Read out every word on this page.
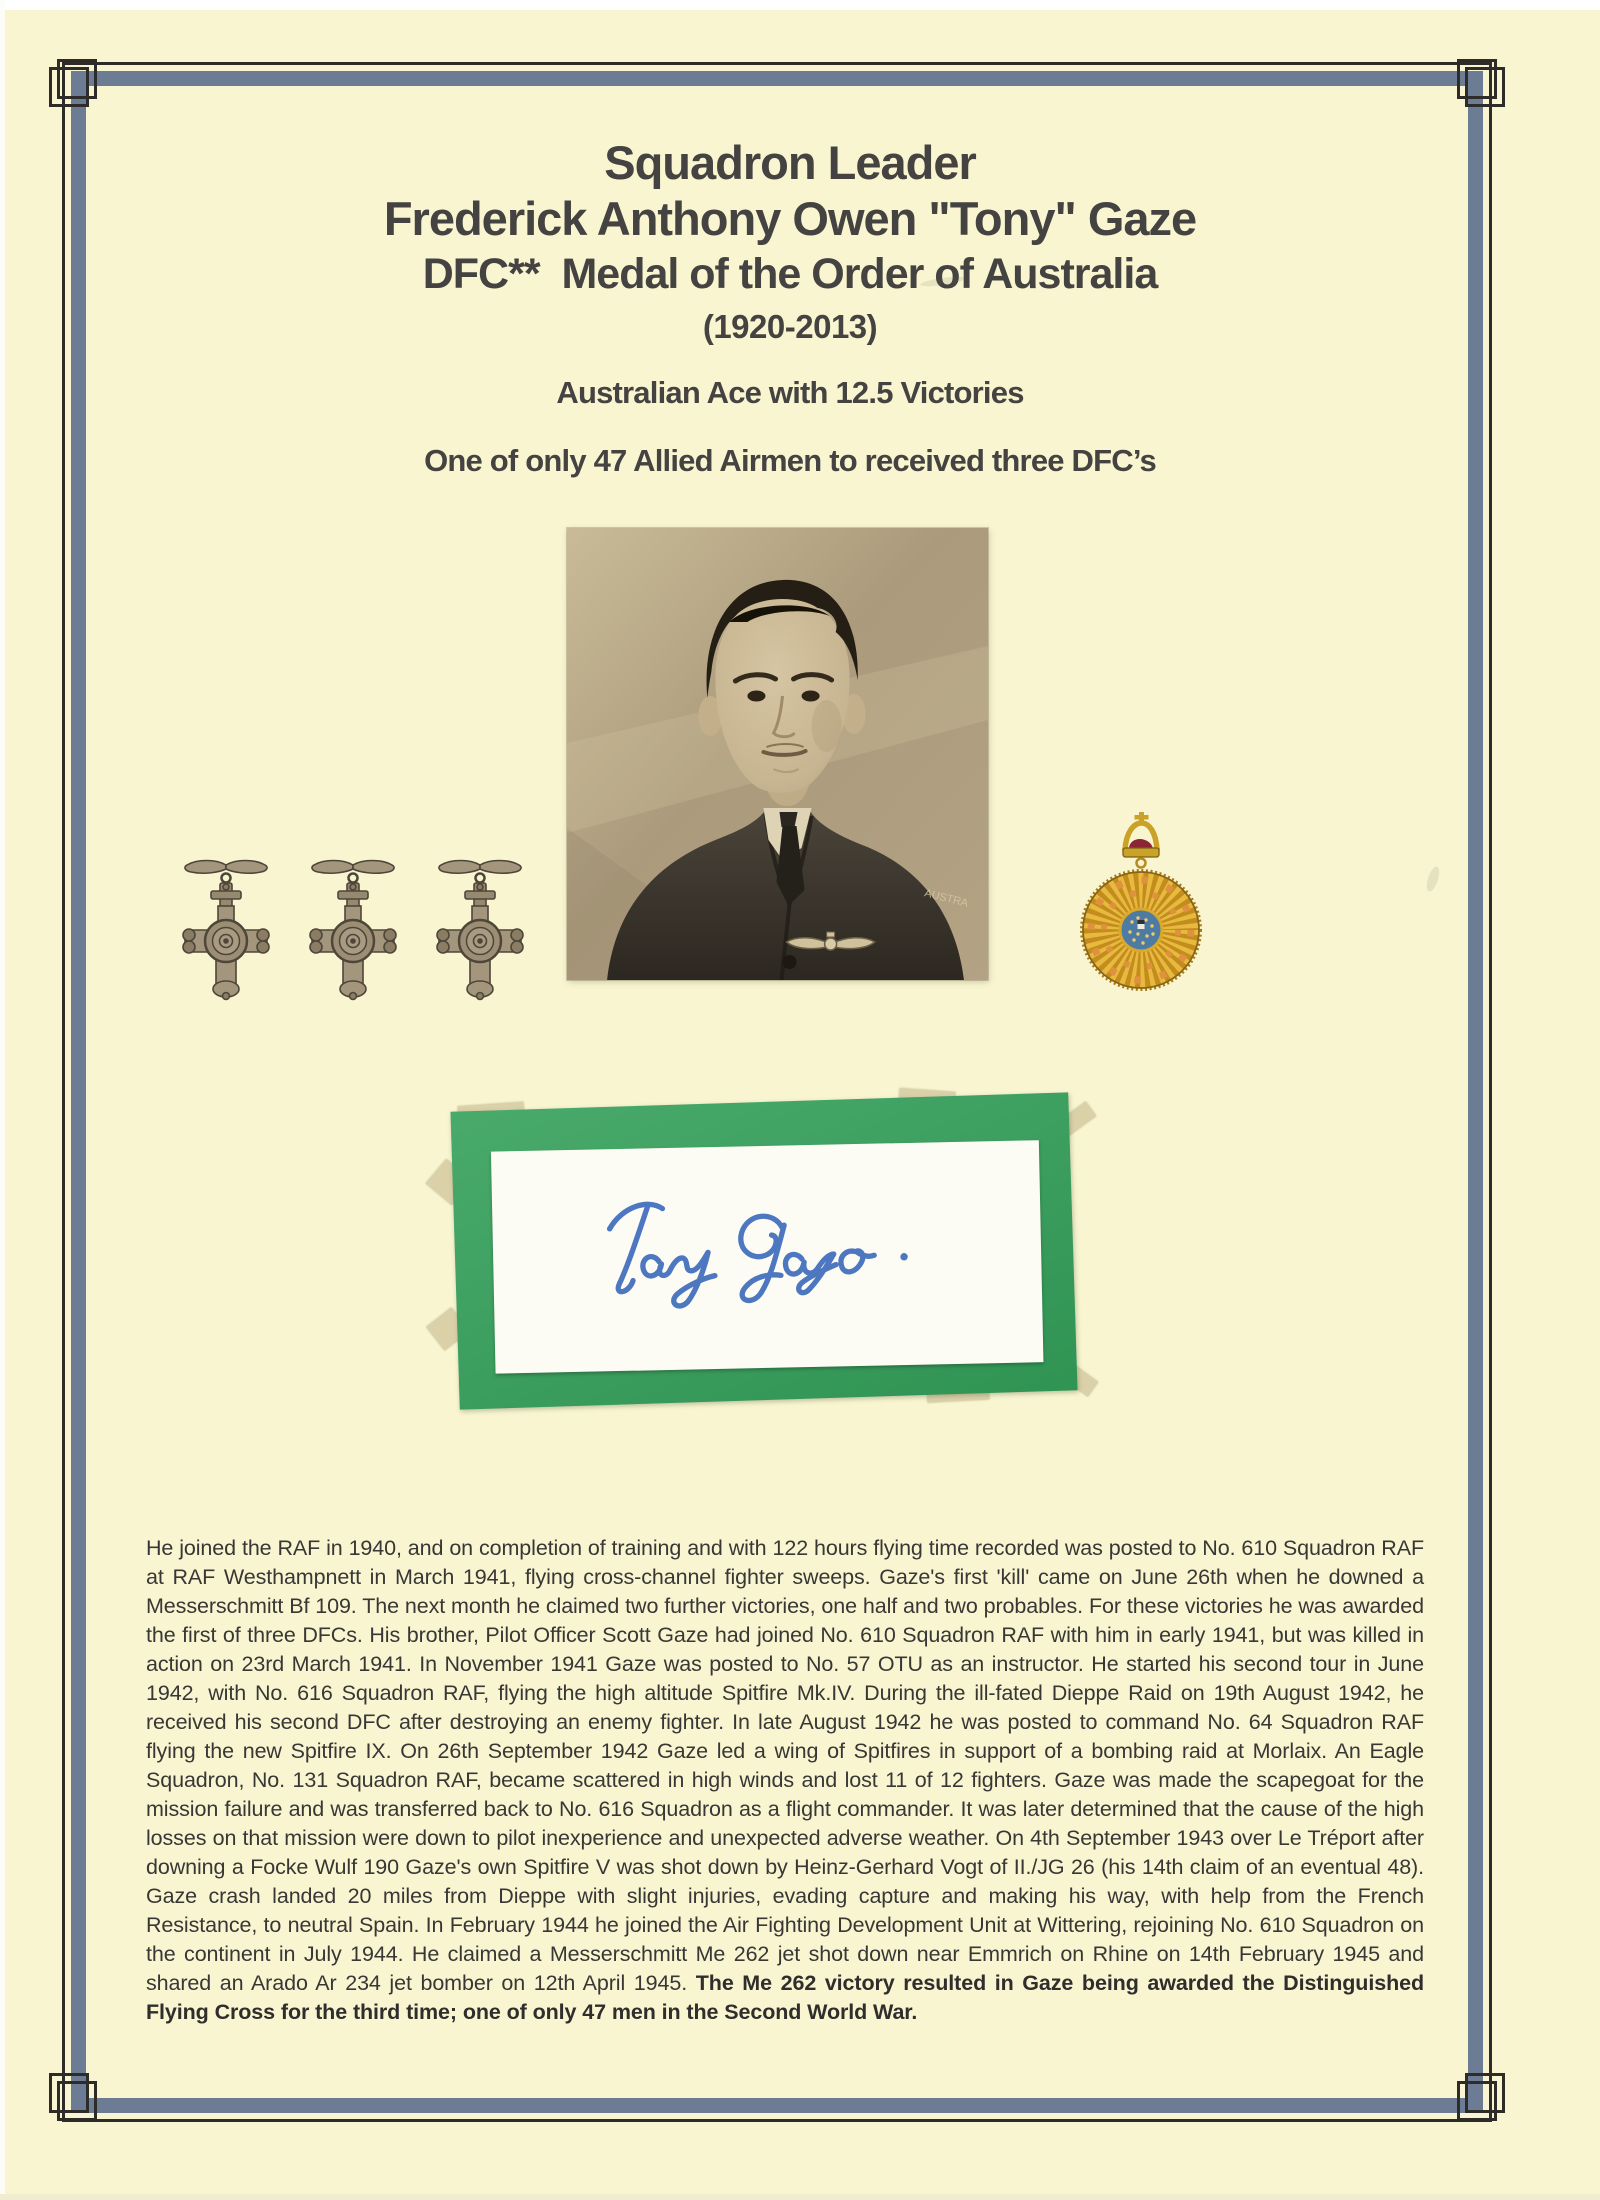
Squadron Leader
Frederick Anthony Owen "Tony" Gaze
DFC**  Medal of the Order of Australia
(1920-2013)
Australian Ace with 12.5 Victories
One of only 47 Allied Airmen to received three DFC’s
AUSTRA

He joined the RAF in 1940, and on completion of training and with 122 hours flying time recorded was posted to No. 610 Squadron RAF at RAF Westhampnett in March 1941, flying cross-channel fighter sweeps. Gaze's first 'kill' came on June 26th when he downed a Messerschmitt Bf 109. The next month he claimed two further victories, one half and two probables. For these victories he was awarded the first of three DFCs. His brother, Pilot Officer Scott Gaze had joined No. 610 Squadron RAF with him in early 1941, but was killed in action on 23rd March 1941. In November 1941 Gaze was posted to No. 57 OTU as an instructor. He started his second tour in June 1942, with No. 616 Squadron RAF, flying the high altitude Spitfire Mk.IV. During the ill-fated Dieppe Raid on 19th August 1942, he received his second DFC after destroying an enemy fighter. In late August 1942 he was posted to command No. 64 Squadron RAF flying the new Spitfire IX. On 26th September 1942 Gaze led a wing of Spitfires in support of a bombing raid at Morlaix. An Eagle Squadron, No. 131 Squadron RAF, became scattered in high winds and lost 11 of 12 fighters. Gaze was made the scapegoat for the mission failure and was transferred back to No. 616 Squadron as a flight commander. It was later determined that the cause of the high losses on that mission were down to pilot inexperience and unexpected adverse weather. On 4th September 1943 over Le Tréport after downing a Focke Wulf 190 Gaze's own Spitfire V was shot down by Heinz-Gerhard Vogt of II./JG 26 (his 14th claim of an eventual 48). Gaze crash landed 20 miles from Dieppe with slight injuries, evading capture and making his way, with help from the French Resistance, to neutral Spain. In February 1944 he joined the Air Fighting Development Unit at Wittering, rejoining No. 610 Squadron on the continent in July 1944. He claimed a Messerschmitt Me 262 jet shot down near Emmrich on Rhine on 14th February 1945 and shared an Arado Ar 234 jet bomber on 12th April 1945. The Me 262 victory resulted in Gaze being awarded the Distinguished Flying Cross for the third time; one of only 47 men in the Second World War.
